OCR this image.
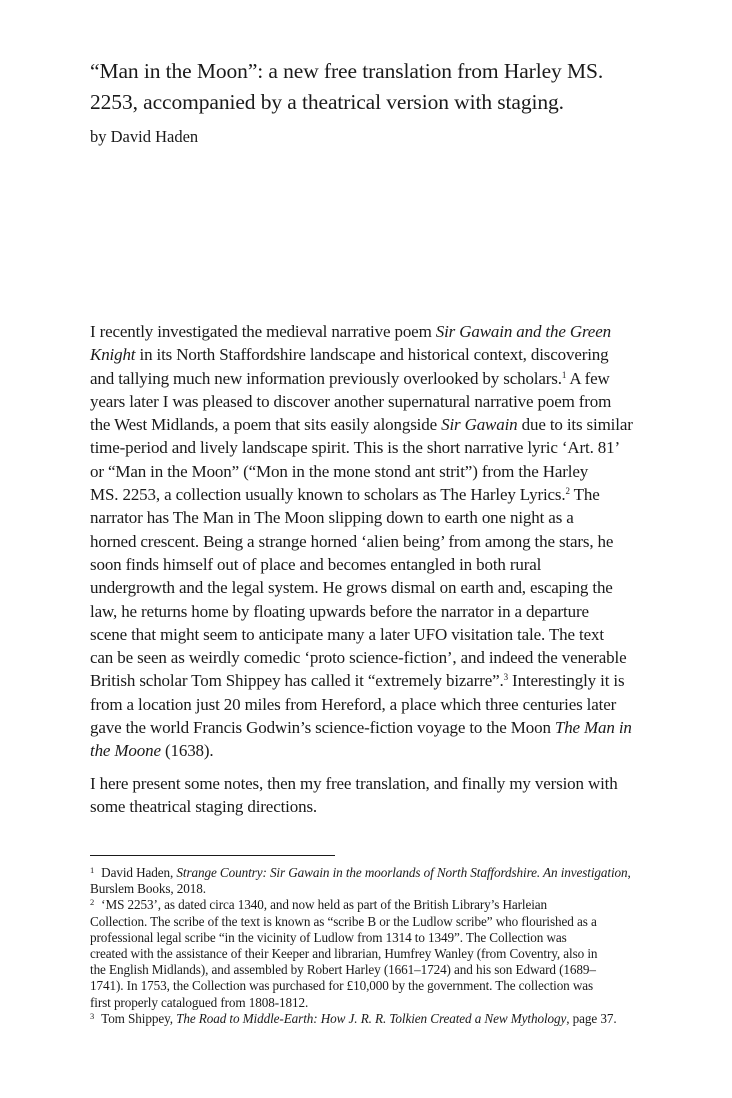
“Man in the Moon”: a new free translation from Harley MS.
2253, accompanied by a theatrical version with staging.
by David Haden

I recently investigated the medieval narrative poem Sir Gawain and the Green
Knight in its North Staffordshire landscape and historical context, discovering
and tallying much new information previously overlooked by scholars.$^1$ A few
years later I was pleased to discover another supernatural narrative poem from
the West Midlands, a poem that sits easily alongside Sir Gawain due to its similar
time-period and lively landscape spirit. This is the short narrative lyric ‘Art. 81’
or “Man in the Moon” (“Mon in the mone stond ant strit”) from the Harley
MS. 2253, a collection usually known to scholars as The Harley Lyrics.$^2$ The
narrator has The Man in The Moon slipping down to earth one night as a
horned crescent. Being a strange horned ‘alien being’ from among the stars, he
soon finds himself out of place and becomes entangled in both rural
undergrowth and the legal system. He grows dismal on earth and, escaping the
law, he returns home by floating upwards before the narrator in a departure
scene that might seem to anticipate many a later UFO visitation tale. The text
can be seen as weirdly comedic ‘proto science-fiction’, and indeed the venerable
British scholar Tom Shippey has called it “extremely bizarre”.$^3$ Interestingly it is
from a location just 20 miles from Hereford, a place which three centuries later
gave the world Francis Godwin’s science-fiction voyage to the Moon The Man in
the Moone (1638).

I here present some notes, then my free translation, and finally my version with
some theatrical staging directions.

$^1$ David Haden, Strange Country: Sir Gawain in the moorlands of North Staffordshire. An investigation,
Burslem Books, 2018.
$^2$ ‘MS 2253’, as dated circa 1340, and now held as part of the British Library’s Harleian
Collection. The scribe of the text is known as “scribe B or the Ludlow scribe” who flourished as a
professional legal scribe “in the vicinity of Ludlow from 1314 to 1349”. The Collection was
created with the assistance of their Keeper and librarian, Humfrey Wanley (from Coventry, also in
the English Midlands), and assembled by Robert Harley (1661–1724) and his son Edward (1689–
1741). In 1753, the Collection was purchased for £10,000 by the government. The collection was
first properly catalogued from 1808-1812.
$^3$ Tom Shippey, The Road to Middle-Earth: How J. R. R. Tolkien Created a New Mythology, page 37.
